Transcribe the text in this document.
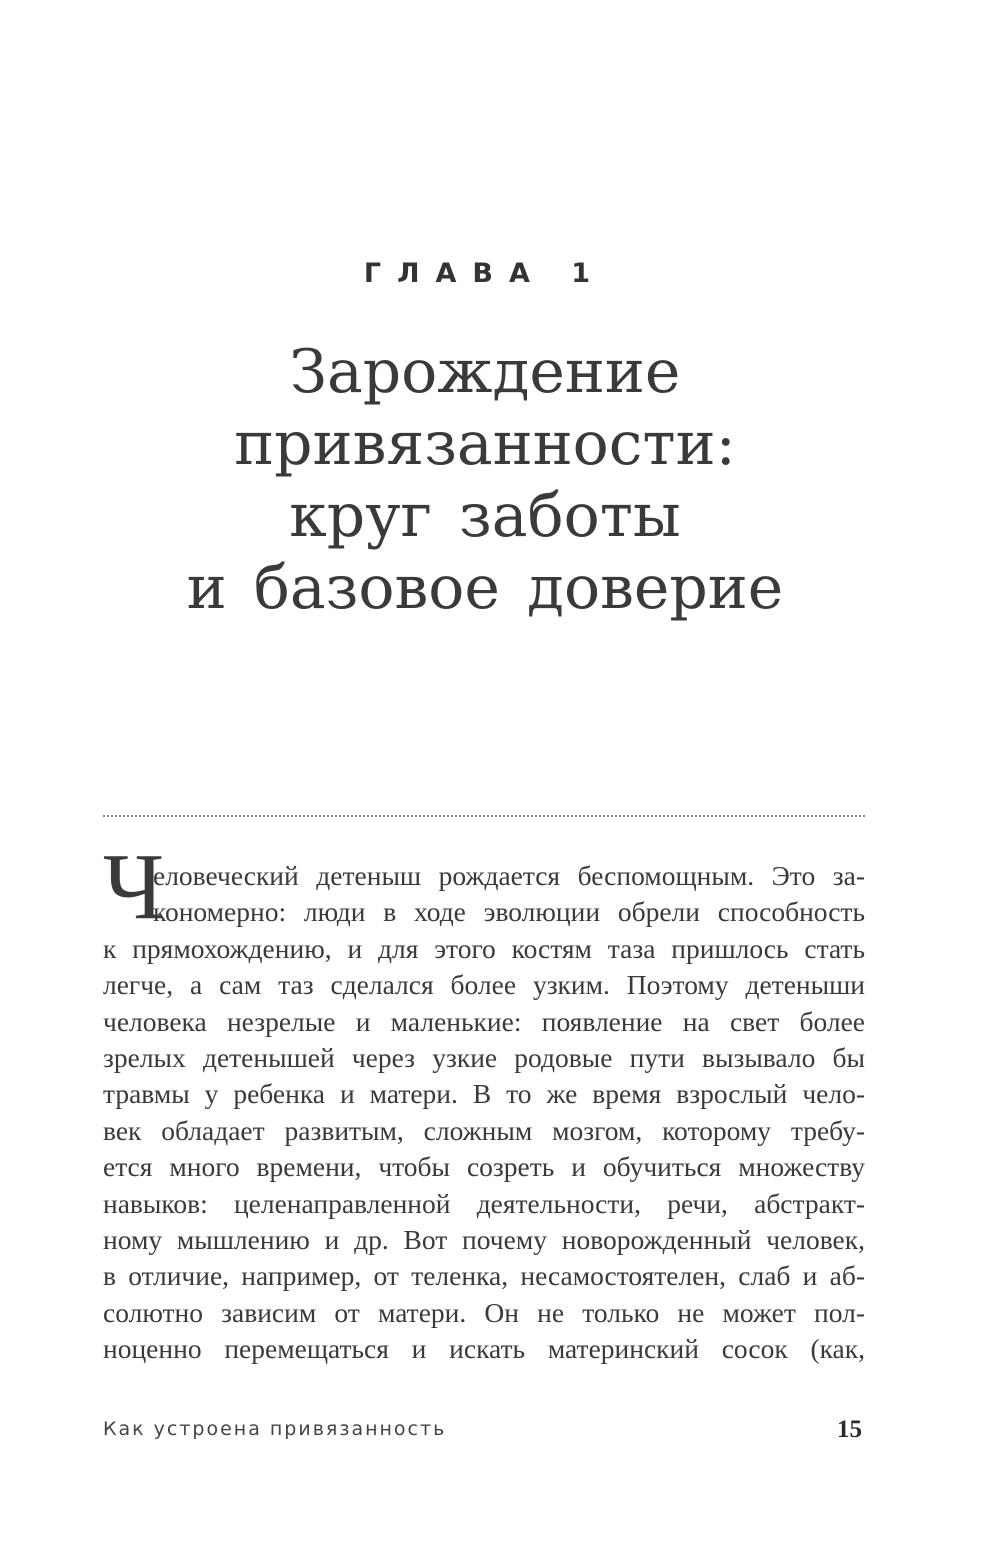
ГЛАВА 1
Зарождение
привязанности:
круг заботы
и базовое доверие
Ч
еловеческий детеныш рождается беспомощным. Это за-
кономерно: люди в ходе эволюции обрели способность
к прямохождению, и для этого костям таза пришлось стать
легче, а сам таз сделался более узким. Поэтому детеныши
человека незрелые и маленькие: появление на свет более
зрелых детенышей через узкие родовые пути вызывало бы
травмы у ребенка и матери. В то же время взрослый чело-
век обладает развитым, сложным мозгом, которому требу-
ется много времени, чтобы созреть и обучиться множеству
навыков: целенаправленной деятельности, речи, абстракт-
ному мышлению и др. Вот почему новорожденный человек,
в отличие, например, от теленка, несамостоятелен, слаб и аб-
солютно зависим от матери. Он не только не может пол-
ноценно перемещаться и искать материнский сосок (как,

Как устроена привязанность	15
